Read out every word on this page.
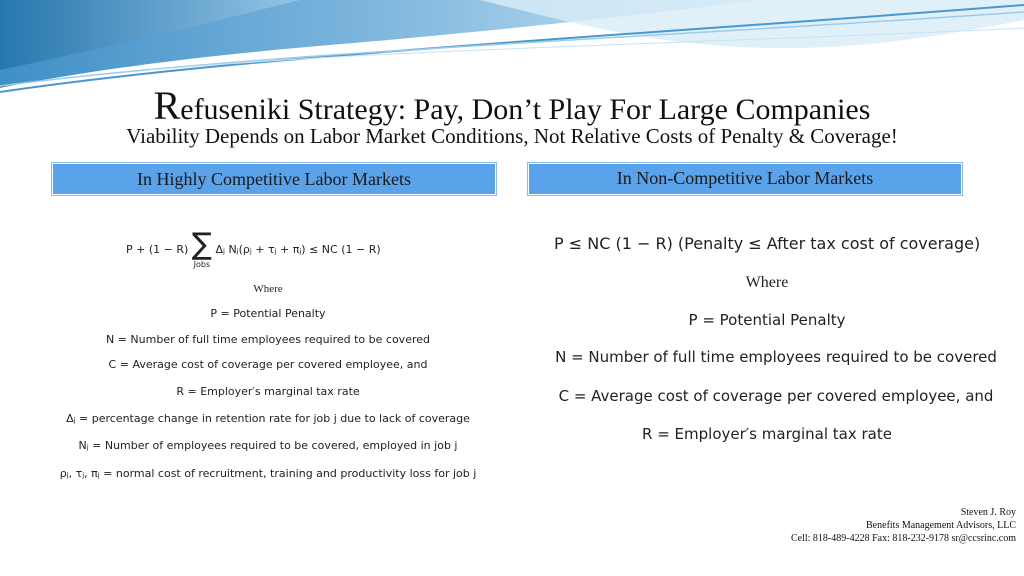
Refuseniki Strategy: Pay, Don’t Play For Large Companies
Viability Depends on Labor Market Conditions, Not Relative Costs of Penalty & Coverage!
In Highly Competitive Labor Markets	In Non-Competitive Labor Markets
P + (1 − R) ∑
Jobs
Δⱼ Nⱼ(ρⱼ + τⱼ + πⱼ) ≤ NC (1 − R)
Where
P = Potential Penalty
N = Number of full time employees required to be covered
C = Average cost of coverage per covered employee, and
R = Employer′s marginal tax rate
Δⱼ = percentage change in retention rate for job j due to lack of coverage
Nⱼ = Number of employees required to be covered, employed in job j
ρⱼ, τⱼ, πⱼ = normal cost of recruitment, training and productivity loss for job j
P ≤ NC (1 − R) (Penalty ≤ After tax cost of coverage)
Where
P = Potential Penalty
N = Number of full time employees required to be covered
C = Average cost of coverage per covered employee, and
R = Employer′s marginal tax rate
Steven J. Roy
Benefits Management Advisors, LLC
Cell: 818-489-4228 Fax: 818-232-9178 sr@ccsrinc.com
